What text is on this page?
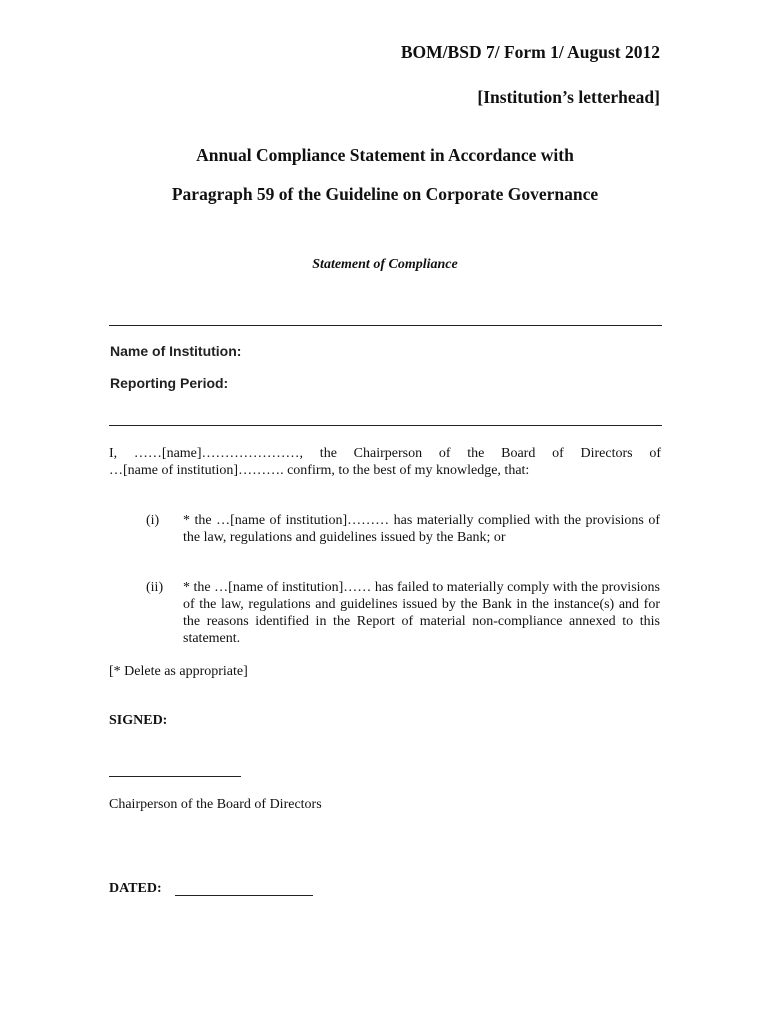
BOM/BSD 7/ Form 1/ August 2012
[Institution’s letterhead]
Annual Compliance Statement in Accordance with
Paragraph 59 of the Guideline on Corporate Governance
Statement of Compliance
Name of Institution:
Reporting Period:
I, ……[name]…………………, the Chairperson of the Board of Directors of
…[name of institution]………. confirm, to the best of my knowledge, that:
(i) * the …[name of institution]……… has materially complied with the provisions of the law, regulations and guidelines issued by the Bank; or
(ii) * the …[name of institution]…… has failed to materially comply with the provisions of the law, regulations and guidelines issued by the Bank in the instance(s) and for the reasons identified in the Report of material non-compliance annexed to this statement.
[* Delete as appropriate]
SIGNED:
Chairperson of the Board of Directors
DATED:
